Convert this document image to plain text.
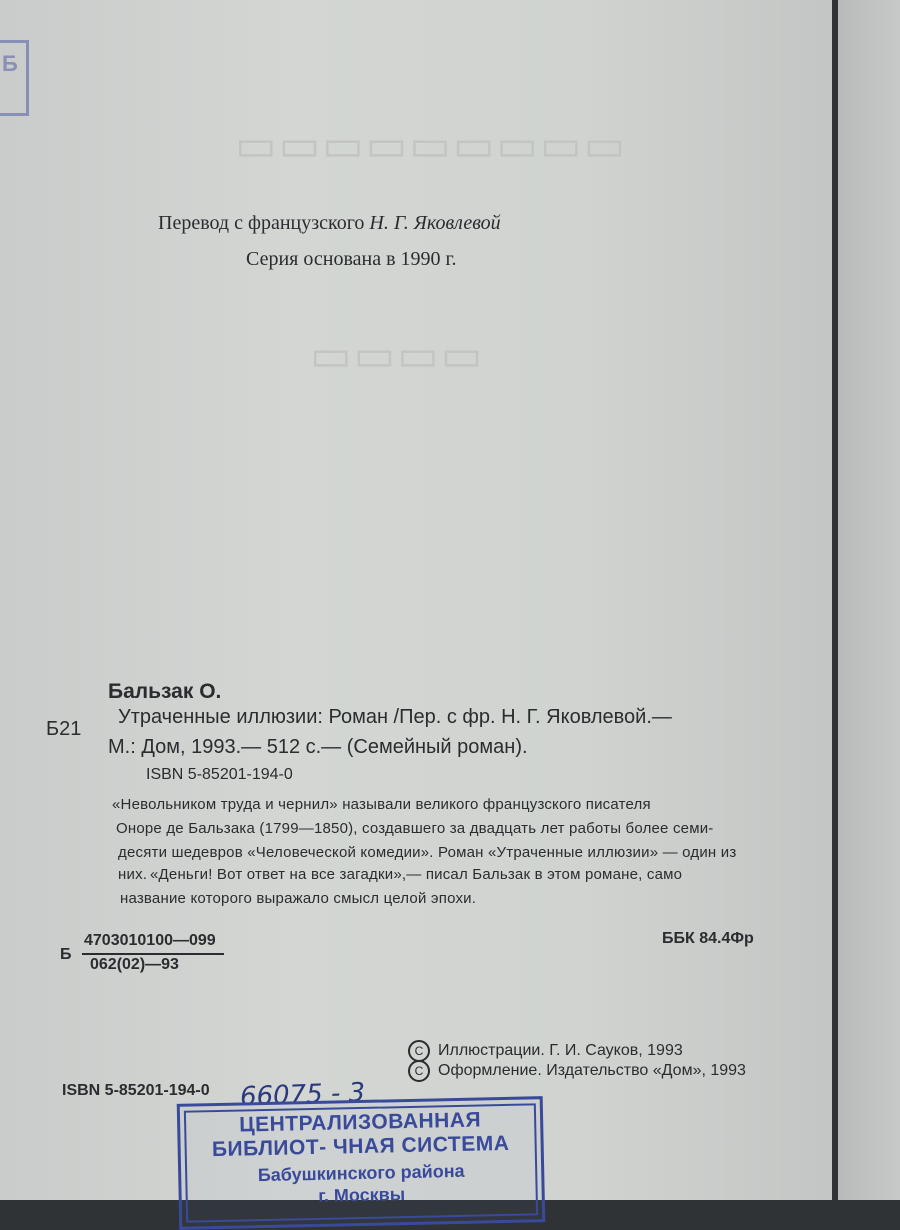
Б
▭▭▭▭▭▭▭▭▭
▭▭▭▭
Перевод с французского Н. Г. Яковлевой
Серия основана в 1990 г.
Бальзак О.
Б21
Утраченные иллюзии: Роман /Пер. с фр. Н. Г. Яковлевой.—
М.: Дом, 1993.— 512 с.— (Семейный роман).
ISBN 5-85201-194-0
«Невольником труда и чернил» называли великого французского писателя
Оноре де Бальзака (1799—1850), создавшего за двадцать лет работы более семи-
десяти шедевров «Человеческой комедии». Роман «Утраченные иллюзии» — один из
них. «Деньги! Вот ответ на все загадки»,— писал Бальзак в этом романе, само
название которого выражало смысл целой эпохи.
Б
4703010100—099
062(02)—93
ББК 84.4Фр
C Иллюстрации. Г. И. Сауков, 1993
C Оформление. Издательство «Дом», 1993
ISBN 5-85201-194-0 66075 - 3
ЦЕНТРАЛИЗОВАННАЯ
БИБЛИОТ- ЧНАЯ СИСТЕМА
Бабушкинского района
г. Москвы
